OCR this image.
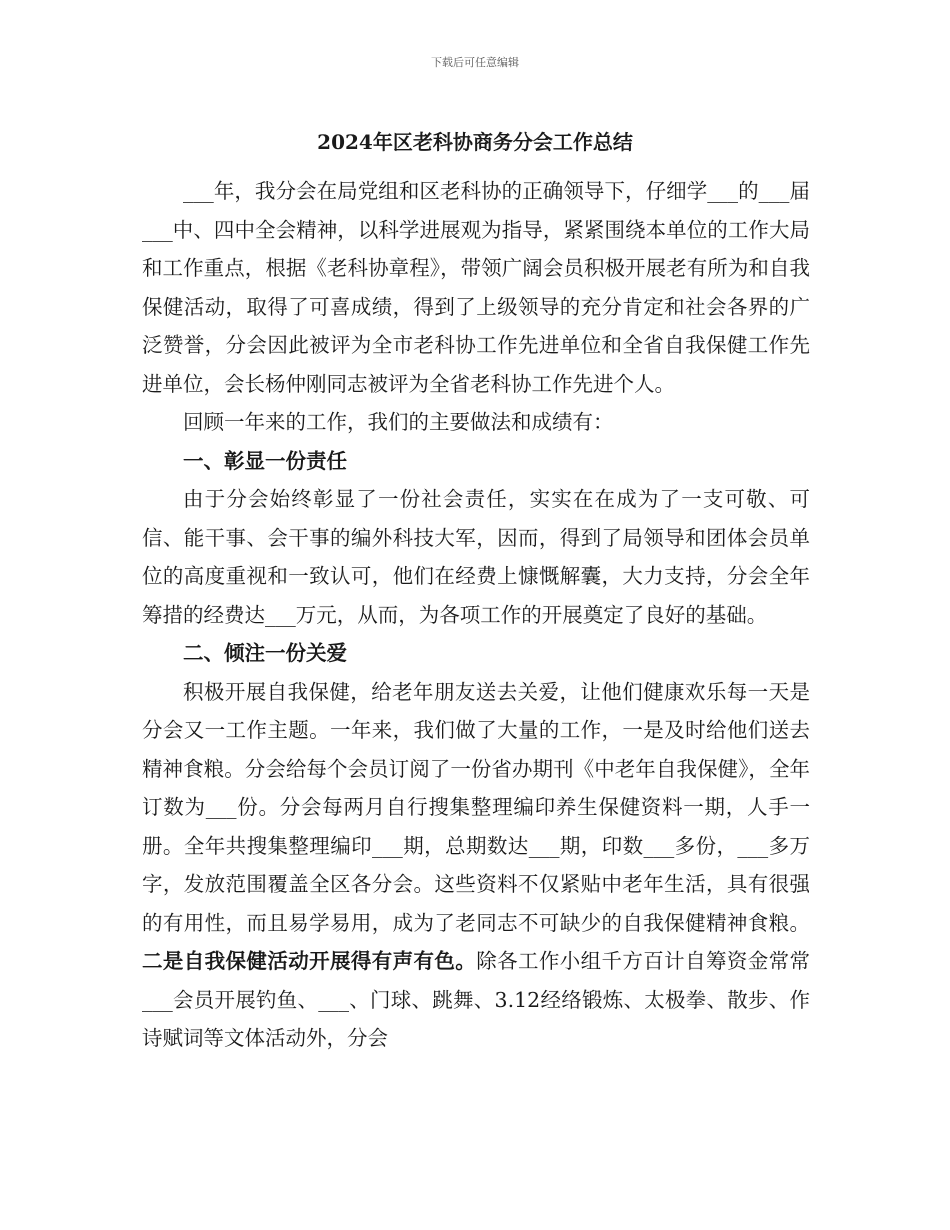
下载后可任意编辑
2024年区老科协商务分会工作总结

___年，我分会在局党组和区老科协的正确领导下，仔细学___的___届___中、四中全会精神，以科学进展观为指导，紧紧围绕本单位的工作大局和工作重点，根据《老科协章程》，带领广阔会员积极开展老有所为和自我保健活动，取得了可喜成绩，得到了上级领导的充分肯定和社会各界的广泛赞誉，分会因此被评为全市老科协工作先进单位和全省自我保健工作先进单位，会长杨仲刚同志被评为全省老科协工作先进个人。

回顾一年来的工作，我们的主要做法和成绩有：

一、彰显一份责任

由于分会始终彰显了一份社会责任，实实在在成为了一支可敬、可信、能干事、会干事的编外科技大军，因而，得到了局领导和团体会员单位的高度重视和一致认可，他们在经费上慷慨解囊，大力支持，分会全年筹措的经费达___万元，从而，为各项工作的开展奠定了良好的基础。

二、倾注一份关爱

积极开展自我保健，给老年朋友送去关爱，让他们健康欢乐每一天是分会又一工作主题。一年来，我们做了大量的工作，一是及时给他们送去精神食粮。分会给每个会员订阅了一份省办期刊《中老年自我保健》，全年订数为___份。分会每两月自行搜集整理编印养生保健资料一期，人手一册。全年共搜集整理编印___期，总期数达___期，印数___多份，___多万字，发放范围覆盖全区各分会。这些资料不仅紧贴中老年生活，具有很强的有用性，而且易学易用，成为了老同志不可缺少的自我保健精神食粮。二是自我保健活动开展得有声有色。除各工作小组千方百计自筹资金常常___会员开展钓鱼、___、门球、跳舞、3.12经络锻炼、太极拳、散步、作诗赋词等文体活动外，分会
